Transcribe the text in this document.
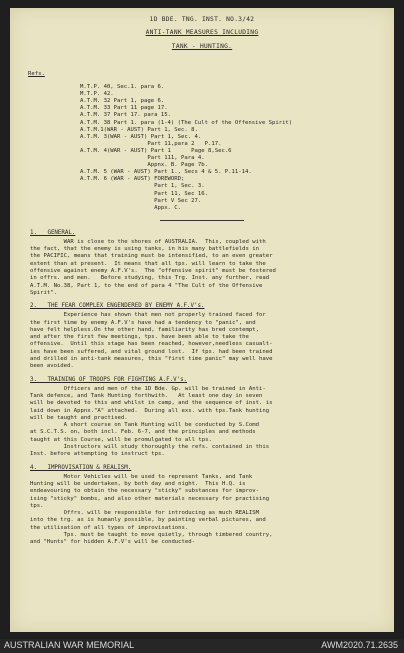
1D BDE. TNG. INST. NO.3/42
ANTI-TANK MEASURES INCLUDING
TANK - HUNTING.
Refs.
M.T.P. 40, Sec.1. para 6.
M.T.P. 42.
A.T.M. 32 Part 1, page 6.
A.T.M. 33 Part 11 page 17.
A.T.M. 37 Part 17. para 15.
A.T.M. 38 Part 1. para (1-4) (The Cult of the Offensive Spirit)
A.T.M.1(WAR - AUST) Part 1, Sec. 8.
A.T.M. 3(WAR - AUST) Part 1, Sec. 4.
Part 11,para 2   P.17.
A.T.M. 4(WAR - AUST) Part 1      Page 8,Sec.6
Part 111, Para 4.
Appnx. B. Page 7b.
A.T.M. 5 (WAR - AUST) Part 1., Secs 4 & 5. P.11-14.
A.T.M. 6 (WAR - AUST) FOREWORD;
Part 1, Sec. 3.
Part 11, Sec 16.
Part V Sec 27.
Appx. C.
1.   GENERAL.
WAR is close to the shores of AUSTRALIA.  This, coupled with
the fact, that the enemy is using tanks, in his many battlefields in
the PACIFIC, means that training must be intensified, to an even greater
extent than at present.  It means that all tps. will learn to take the
offensive against enemy A.F.V's.  The "offensive spirit" must be fostered
in offrs. and men.   Before studying, this Trg. Inst. any further, read
A.T.M. No.38, Part 1, to the end of para 4 "The Cult of the Offensive
Spirit".
2.   THE FEAR COMPLEX ENGENDERED BY ENEMY A.F.V's.
Experience has shown that men not properly trained faced for
the first time by enemy A.F.V's have had a tendency to "panic", and
have felt helpless.On the other hand, familiarity has bred contempt,
and after the first few meetings, tps. have been able to take the
offensive.  Until this stage has been reached, however,needless casualt-
ies have been suffered, and vital ground lost.  If tps. had been trained
and drilled in anti-tank measures, this "first time panic" may well have
been avoided.
3.   TRAINING OF TROOPS FOR FIGHTING A.F.V's.
Officers and men of the 1D Bde. Gp. will be trained in Anti-
Tank defence, and Tank Hunting forthwith.   At least one day in seven
will be devoted to this and whilst in camp, and the sequence of inst. is
laid down in Appnx."A" attached.  During all exs. with tps.Tank hunting
will be taught and practised.
A short course on Tank Hunting will be conducted by S.Comd
at S.C.T.S. on, both incl. Feb. 6-7, and the principles and methods
taught at this Course, will be promulgated to all tps.
Instructors will study thoroughly the refs. contained in this
Inst. before attempting to instruct tps.
4.   IMPROVISATION & REALISM.
Motor Vehicles will be used to represent Tanks, and Tank
Hunting will be undertaken, by both day and night.  This H.Q. is
endeavouring to obtain the necessary "sticky" substances for improv-
ising "sticky" bombs, and also other materials necessary for practising
tps.
Offrs. will be responsible for introducing as much REALISM
into the trg. as is humanly possible, by painting verbal pictures, and
the utilisation of all types of improvisations.
Tps. must be taught to move quietly, through timbered country,
and "Hunts" for hidden A.F.V's will be conducted-
AUSTRALIAN WAR MEMORIAL	AWM2020.71.2635
